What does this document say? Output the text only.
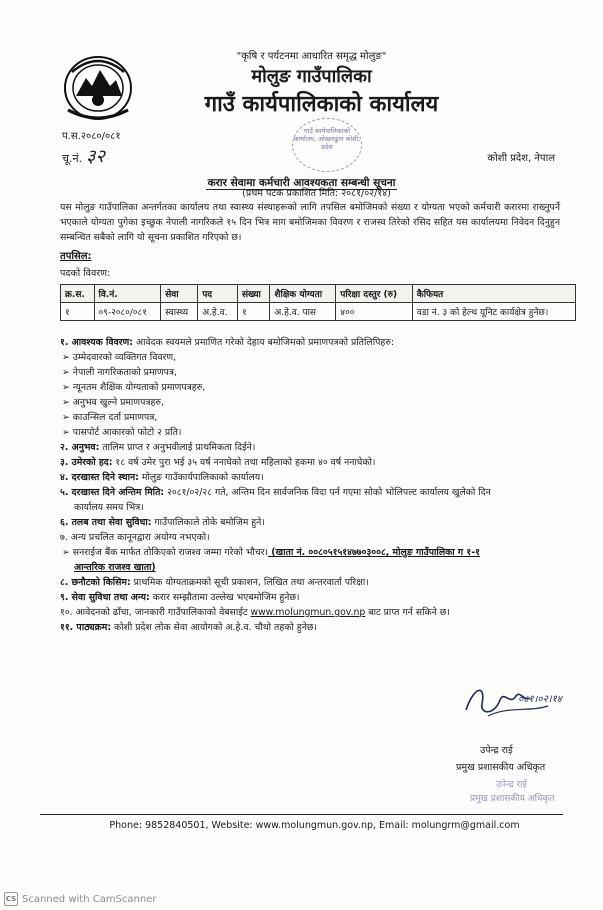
"कृषि र पर्यटनमा आधारित समृद्ध मोलुङ"
मोलुङ गाउँपालिका
गाउँ कार्यपालिकाको कार्यालय
प.स.२०८०/०८१
चू.नं. ३२
गाउँ कार्यपालिकाको कार्यालय, ओखलढुंगा कोशी, प्रदेश
कोशी प्रदेश, नेपाल
करार सेवामा कर्मचारी आवश्यकता सम्बन्धी सूचना
(प्रथम पटक प्रकाशित मिति: २०८१/०२/१४)

यस मोलुङ गाउँपालिका अन्तर्गतका कार्यालय तथा स्वास्थ्य संस्थाहरूको लागि तपसिल बमोजिमको संख्या र योग्यता भएको कर्मचारी करारमा राख्नुपर्ने भएकाले योग्यता पुगेका इच्छुक नेपाली नागरिकले १५ दिन भित्र माग बमोजिमका विवरण र राजस्व तिरेको रसिद सहित यस कार्यालयमा निवेदन दिनुहुन सम्बन्धित सबैको लागि यो सूचना प्रकाशित गरिएको छ।

तपसिल:
पदको विवरण:
क्र.स.	वि.नं.	सेवा	पद	संख्या	शैक्षिक योग्यता	परिक्षा दस्तुर (रु)	कैफियत
१	०९-२०८०/०८१	स्वास्थ्य	अ.हे.व.	१	अ.हे.व. पास	४००	वडा नं. ३ को हेल्थ यूनिट कार्यक्षेत्र हुनेछ।
१. आवश्यक विवरण: आवेदक स्वयमले प्रमाणित गरेको देहाय बमोजिमको प्रमाणपत्रको प्रतिलिपिहरु:
➢ उम्मेदवारको व्यक्तिगत विवरण,
➢ नेपाली नागरिकताको प्रमाणपत्र,
➢ न्यूनतम शैक्षिक योग्यताको प्रमाणपत्रहरु,
➢ अनुभव खुल्ने प्रमाणपत्रहरु,
➢ काउन्सिल दर्ता प्रमाणपत्र,
➢ पासपोर्ट आकारको फोटो २ प्रति।
२. अनुभव: तालिम प्राप्त र अनुभवीलाई प्राथमिकता दिईने।
३. उमेरको हद: १८ वर्ष उमेर पुरा भई ३५ वर्ष ननाघेको तथा महिलाको हकमा ४० वर्ष ननाघेको।
४. दरखास्त दिने स्थान: मोलुङ गाउँकार्यपालिकाको कार्यालय।
५. दरखास्त दिने अन्तिम मिति: २०८१/०२/२८ गते, अन्तिम दिन सार्वजनिक विदा पर्न गएमा सोको भोलिपल्ट कार्यालय खुलेको दिन
कार्यालय समय भित्र।
६. तलब तथा सेवा सुविधा: गाउँपालिकाले तोके बमोजिम हुने।
७. अन्य प्रचलित कानूनद्वारा अयोग्य नभएको।
➢ सनराईज बैंक मार्फत तोकिएको राजश्व जम्मा गरेको भौचर। (खाता नं. ००८०५१५१४७७०३००८, मोलुङ गाउँपालिका ग १-१
आन्तरिक राजश्व खाता)
८. छनौटको किसिम: प्राथमिक योग्यताक्रमको सूची प्रकाशन, लिखित तथा अन्तरवार्ता परिक्षा।
९. सेवा सुविधा तथा अन्य: करार सम्झौतामा उल्लेख भएबमोजिम हुनेछ।
१०. आवेदनको ढाँचा, जानकारी गाउँपालिकाको वेबसाईट www.molungmun.gov.np बाट प्राप्त गर्न सकिने छ।
११. पाठ्यक्रम: कोशी प्रदेश लोक सेवा आयोगको अ.हे.व. चौथो तहको हुनेछ।
०८१।०२।१४
उपेन्द्र राई
प्रमुख प्रशासकीय अधिकृत
उपेन्द्र राई
प्रमुख प्रशासकीय अधिकृत
Phone: 9852840501, Website: www.molungmun.gov.np, Email: molungrm@gmail.com
CS Scanned with CamScanner
